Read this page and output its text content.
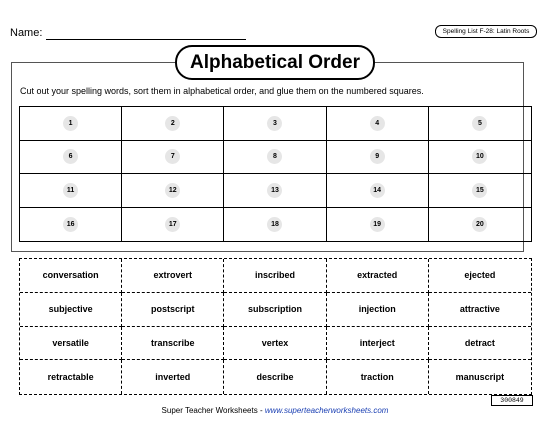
Name:	Spelling List F-28: Latin Roots
Alphabetical Order
Cut out your spelling words, sort them in alphabetical order, and glue them on the numbered squares.
1	2	3	4	5
6	7	8	9	10
11	12	13	14	15
16	17	18	19	20
conversation	extrovert	inscribed	extracted	ejected
subjective	postscript	subscription	injection	attractive
versatile	transcribe	vertex	interject	detract
retractable	inverted	describe	traction	manuscript
300849
Super Teacher Worksheets - www.superteacherworksheets.com
